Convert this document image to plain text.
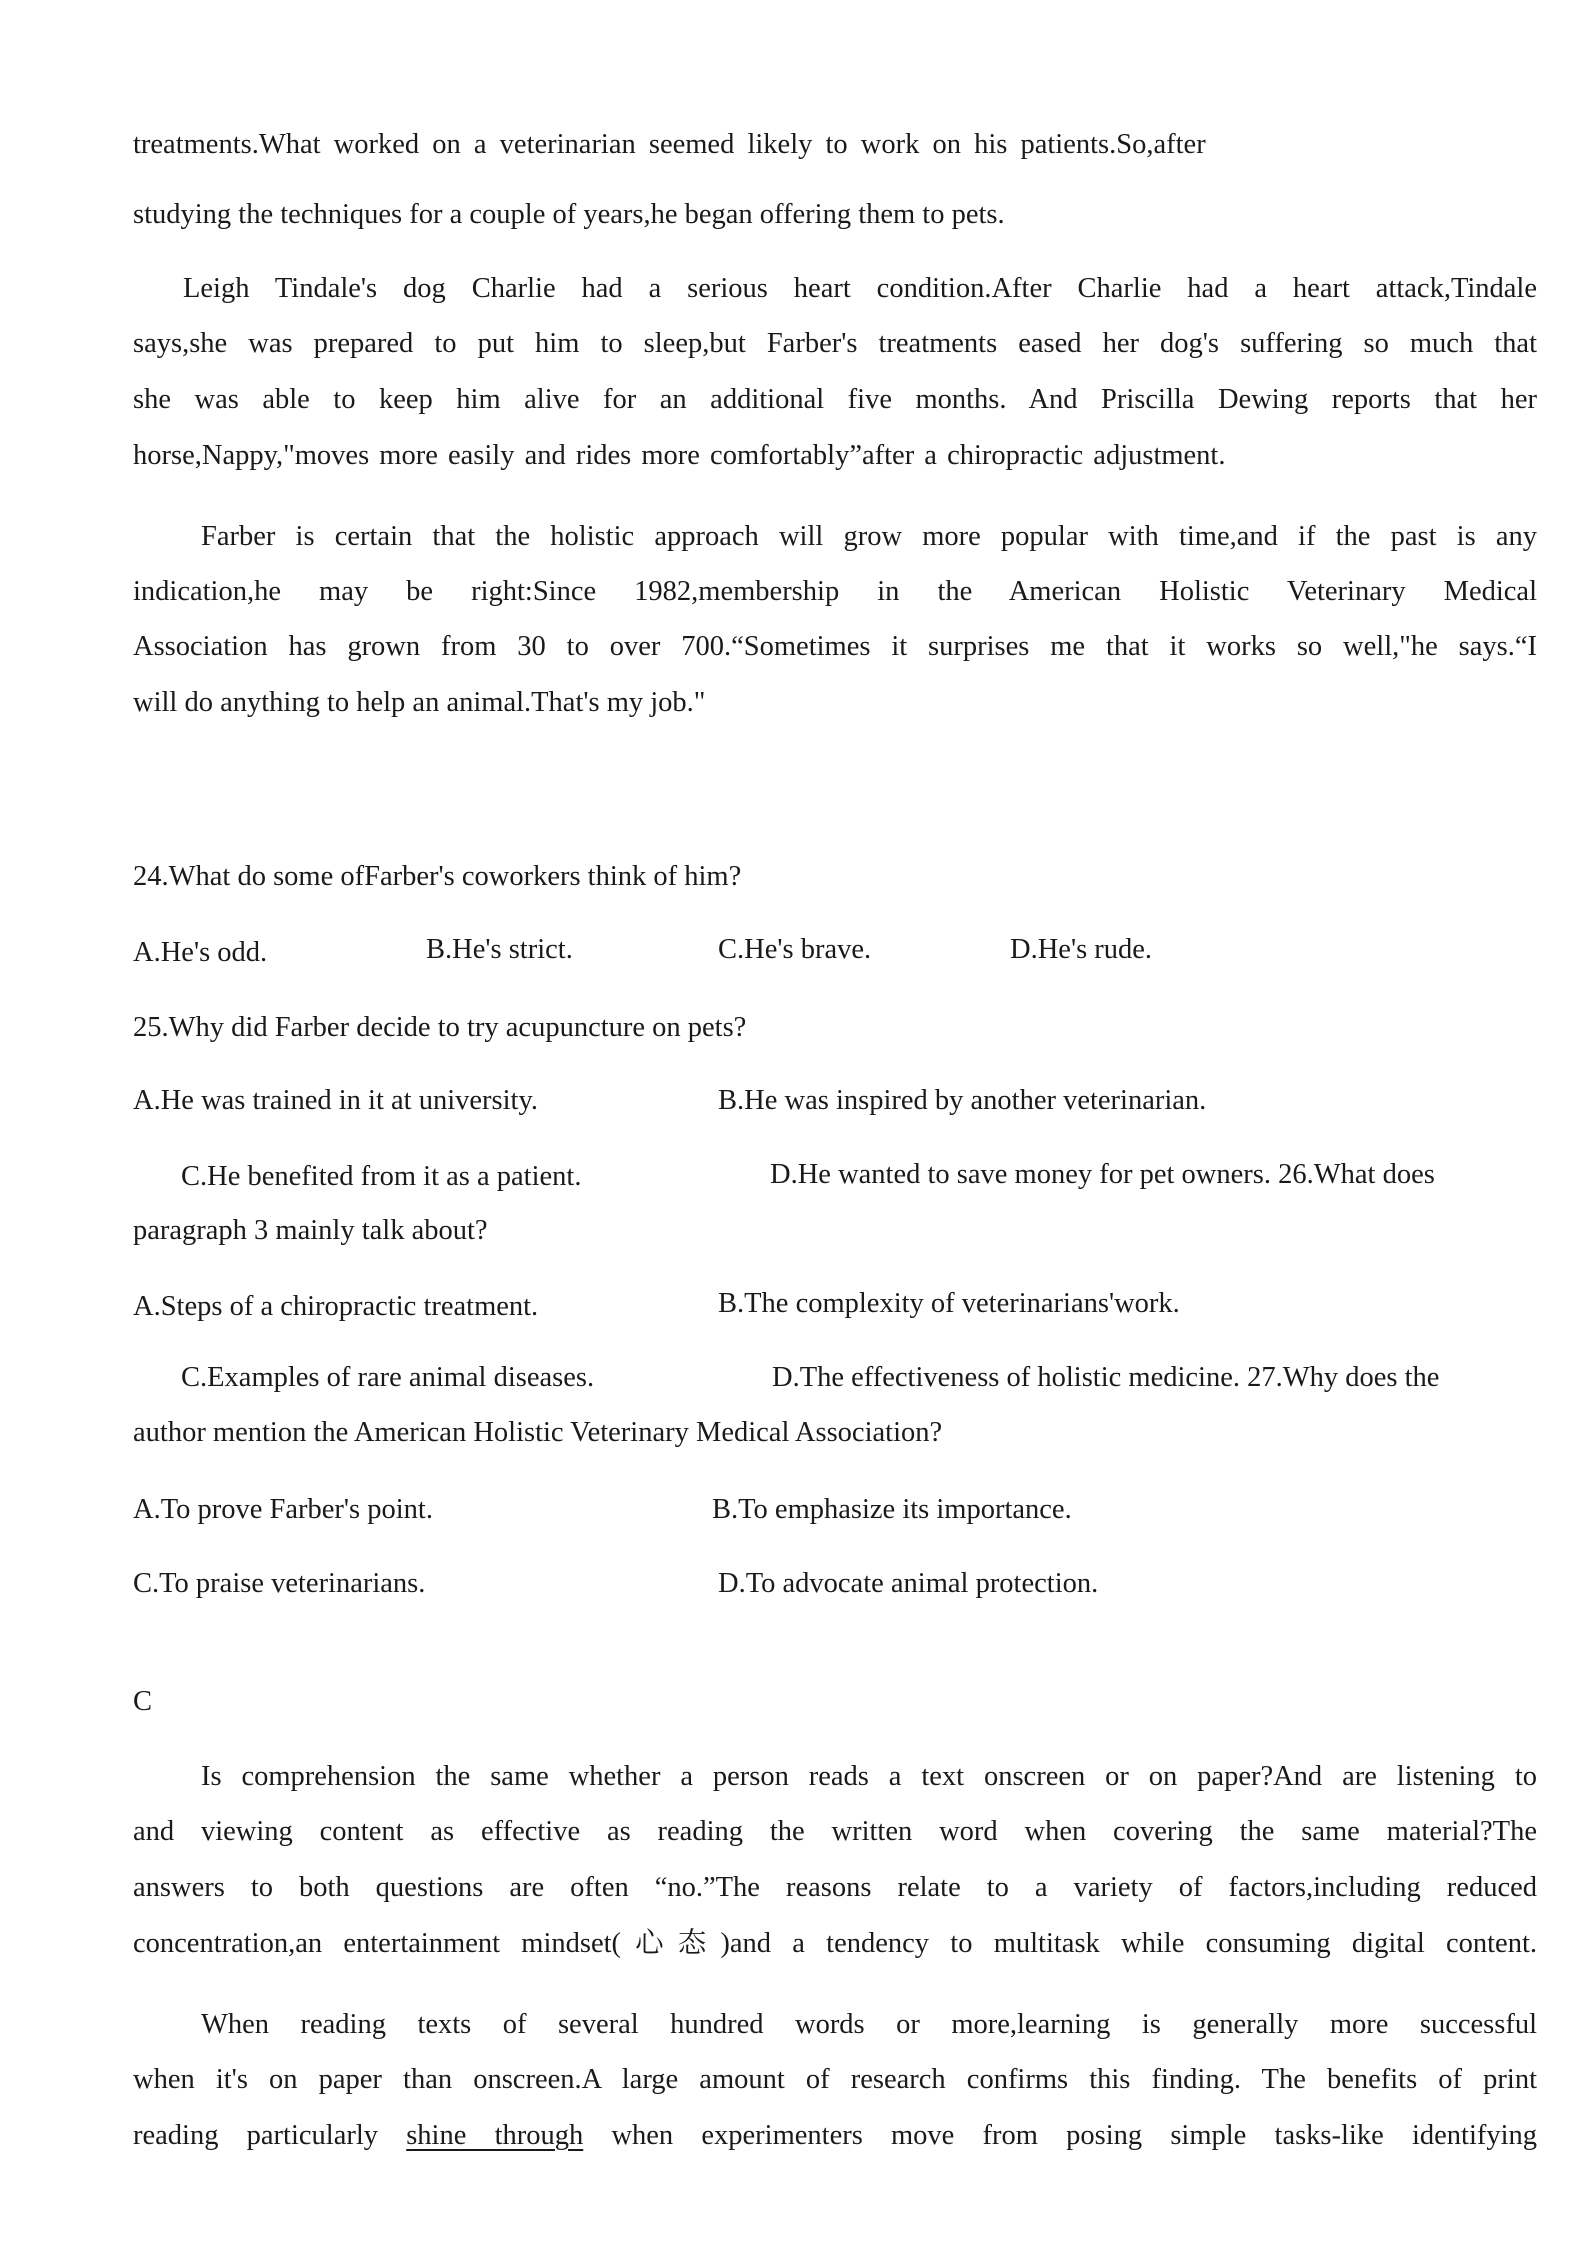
treatments.What worked on a veterinarian seemed likely to work on his patients.So,after
studying the techniques for a couple of years,he began offering them to pets.
Leigh Tindale's dog Charlie had a serious heart condition.After Charlie had a heart attack,Tindale
says,she was prepared to put him to sleep,but Farber's treatments eased her dog's suffering so much that
she was able to keep him alive for an additional five months. And Priscilla Dewing reports that her
horse,Nappy,"moves more easily and rides more comfortably”after a chiropractic adjustment.
Farber is certain that the holistic approach will grow more popular with time,and if the past is any
indication,he may be right:Since 1982,membership in the American Holistic Veterinary Medical
Association has grown from 30 to over 700.“Sometimes it surprises me that it works so well,"he says.“I
will do anything to help an animal.That's my job."
24.What do some ofFarber's coworkers think of him?
A.He's odd.	B.He's strict.	C.He's brave.	D.He's rude.
25.Why did Farber decide to try acupuncture on pets?
A.He was trained in it at university.	B.He was inspired by another veterinarian.
C.He benefited from it as a patient.	D.He wanted to save money for pet owners. 26.What does
paragraph 3 mainly talk about?
A.Steps of a chiropractic treatment.	B.The complexity of veterinarians'work.
C.Examples of rare animal diseases.	D.The effectiveness of holistic medicine. 27.Why does the
author mention the American Holistic Veterinary Medical Association?
A.To prove Farber's point.	B.To emphasize its importance.
C.To praise veterinarians.	D.To advocate animal protection.
C
Is comprehension the same whether a person reads a text onscreen or on paper?And are listening to
and viewing content as effective as reading the written word when covering the same material?The
answers to both questions are often “no.”The reasons relate to a variety of factors,including reduced
concentration,an entertainment mindset(心态)and a tendency to multitask while consuming digital content.
When reading texts of several hundred words or more,learning is generally more successful
when it's on paper than onscreen.A large amount of research confirms this finding. The benefits of print
reading particularly shine through when experimenters move from posing simple tasks-like identifying
